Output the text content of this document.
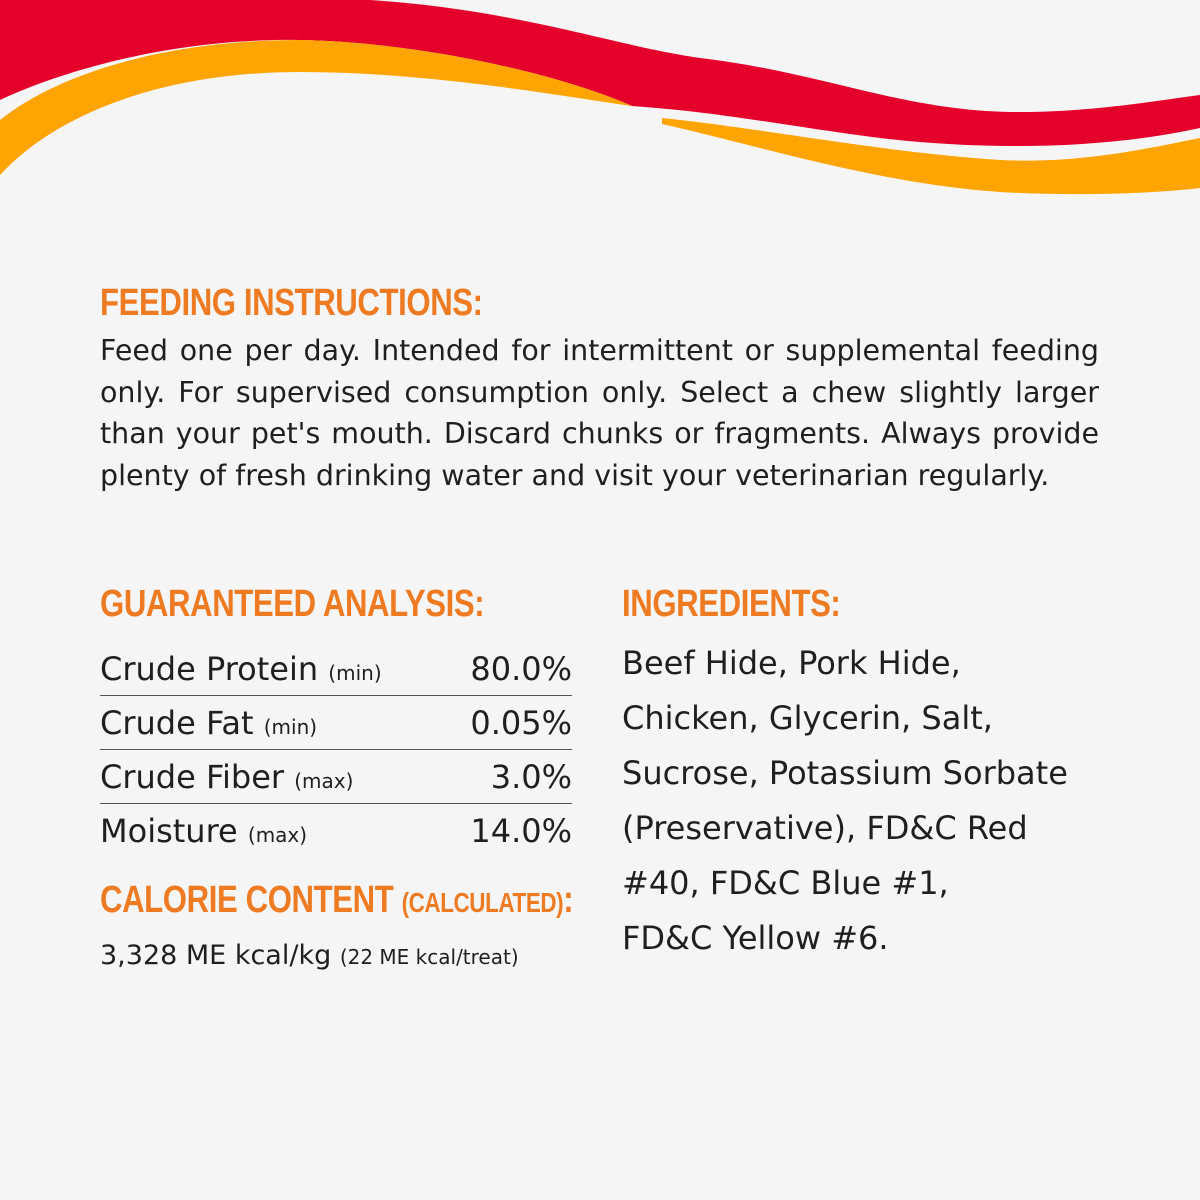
FEEDING INSTRUCTIONS:
Feed one per day. Intended for intermittent or supplemental feeding only. For supervised consumption only. Select a chew slightly larger than your pet's mouth. Discard chunks or fragments. Always provide plenty of fresh drinking water and visit your veterinarian regularly.
GUARANTEED ANALYSIS:
Crude Protein (min)	80.0%
Crude Fat (min)	0.05%
Crude Fiber (max)	3.0%
Moisture (max)	14.0%
CALORIE CONTENT (CALCULATED):
3,328 ME kcal/kg (22 ME kcal/treat)
INGREDIENTS:
Beef Hide, Pork Hide,
Chicken, Glycerin, Salt,
Sucrose, Potassium Sorbate
(Preservative), FD&C Red
#40, FD&C Blue #1,
FD&C Yellow #6.
